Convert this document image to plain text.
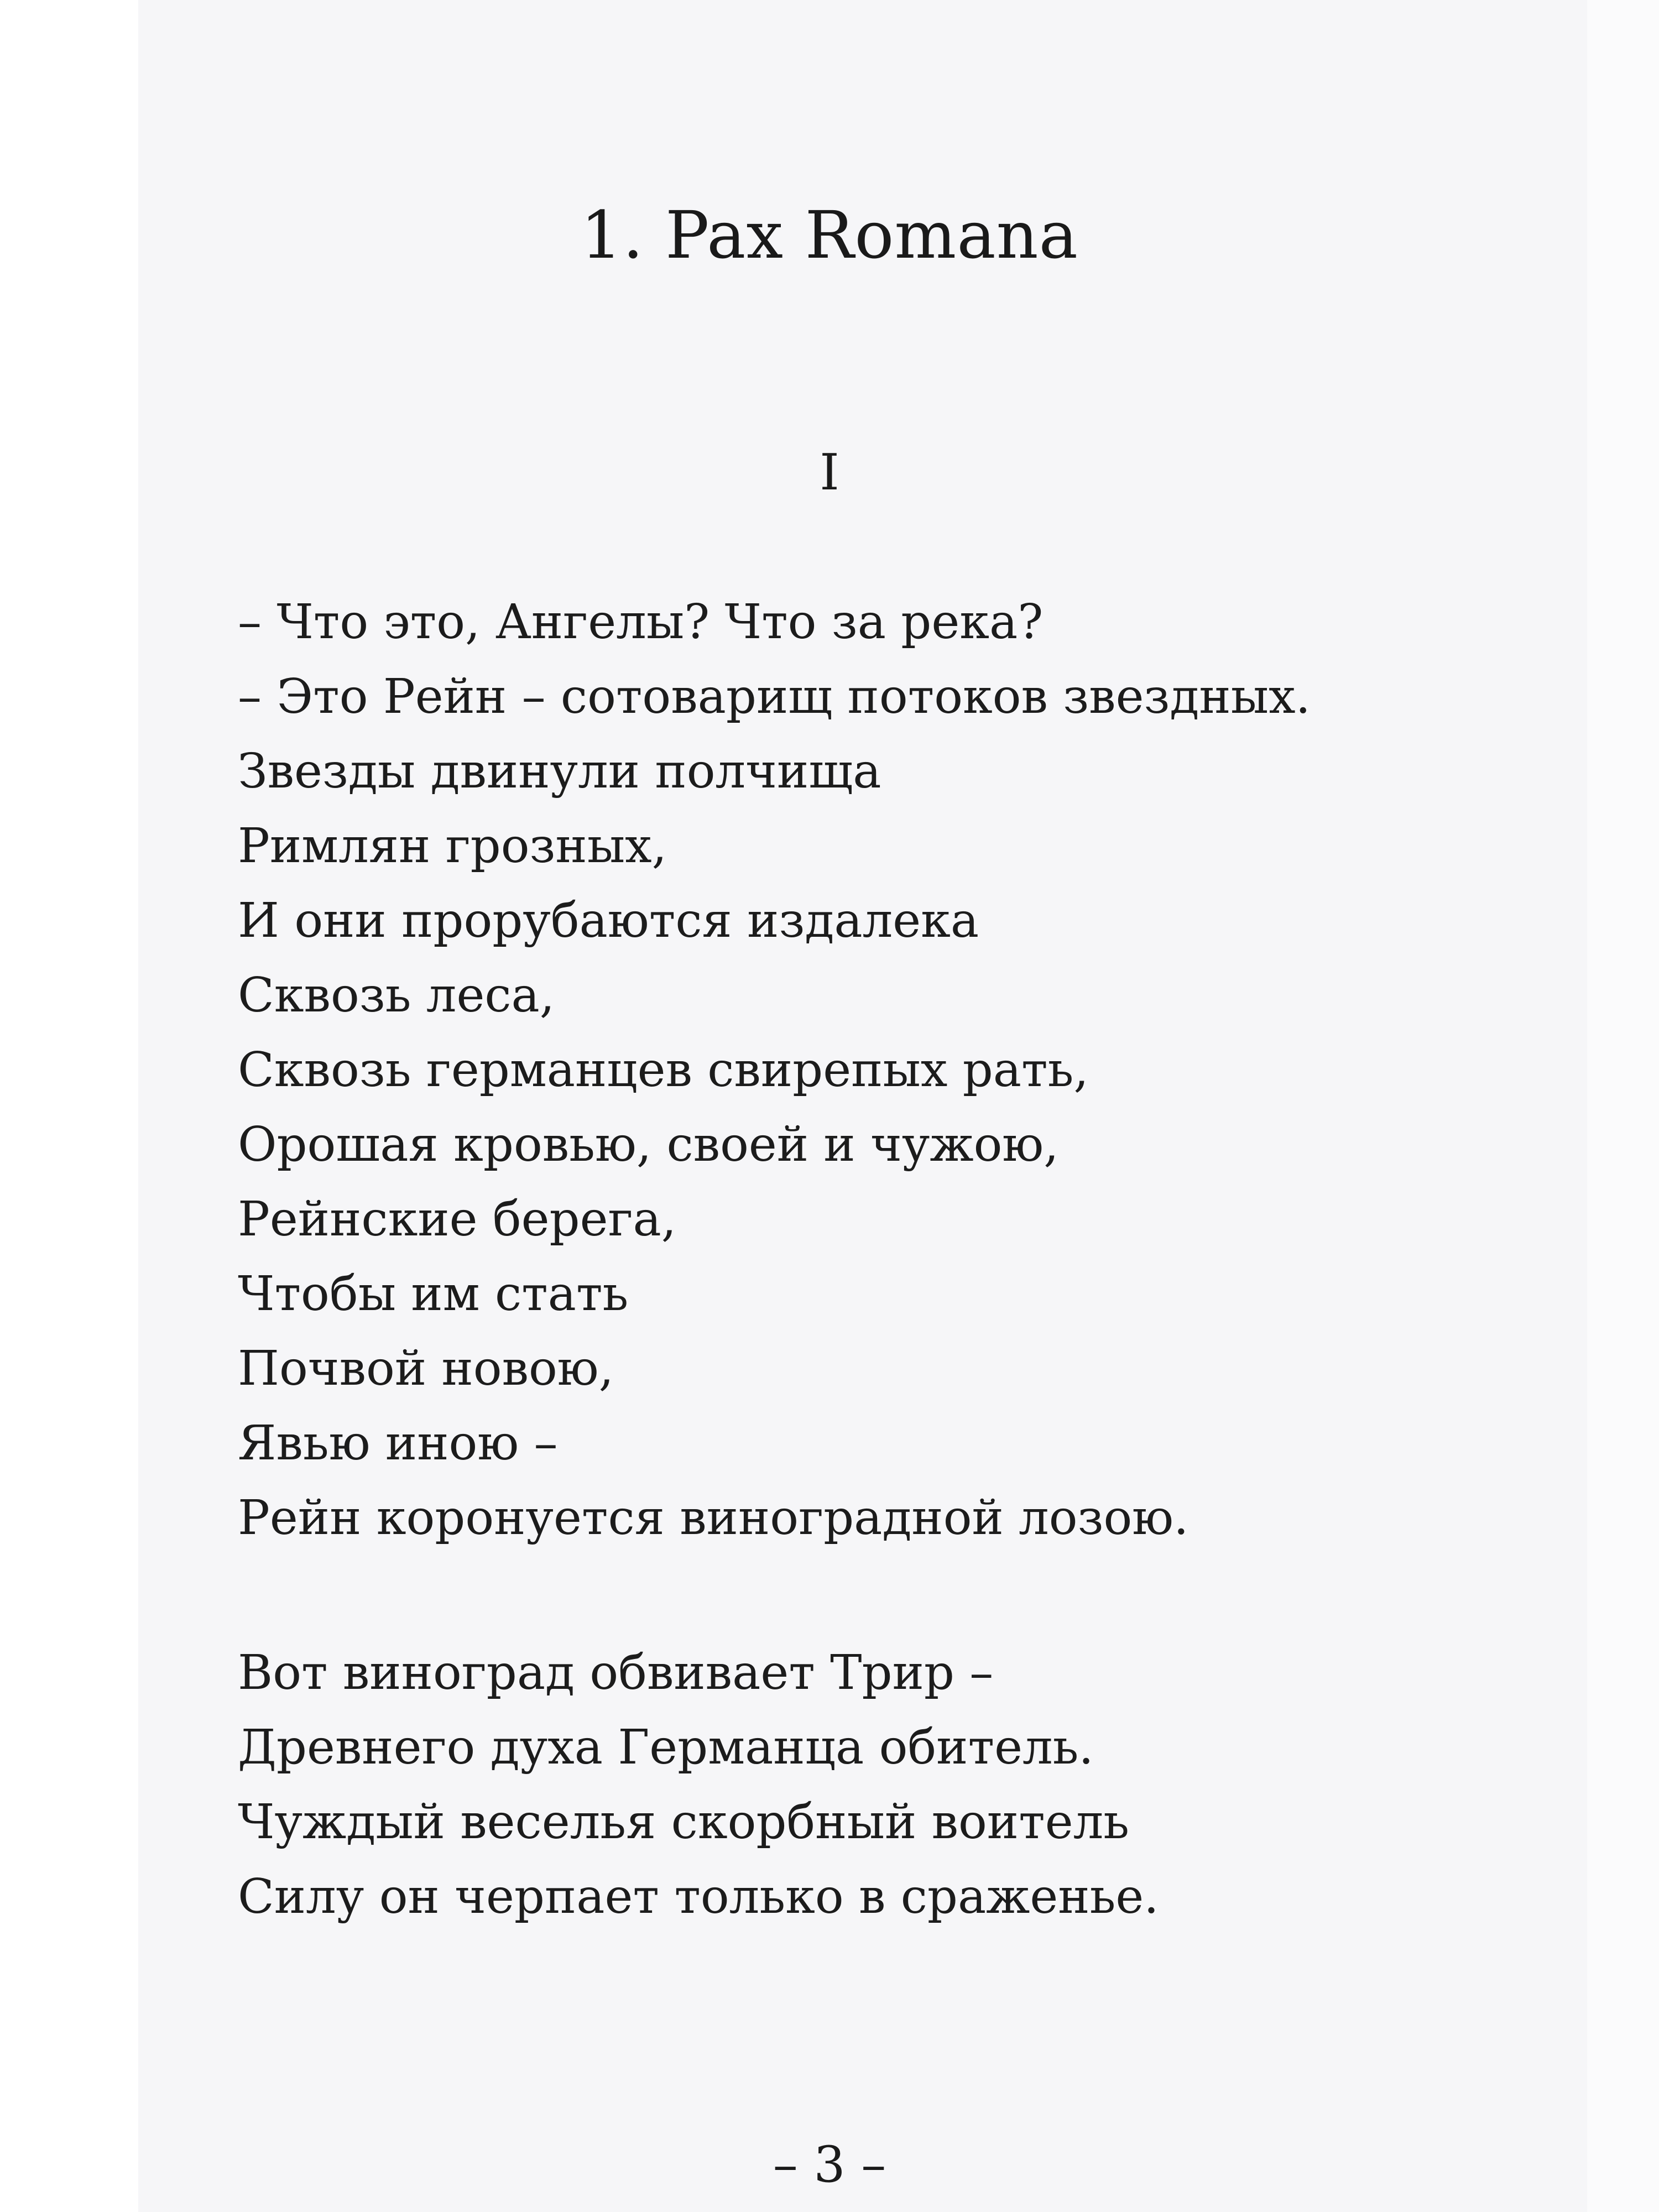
1. Pax Romana
I
– Что это, Ангелы? Что за река?
– Это Рейн – сотоварищ потоков звездных.
Звезды двинули полчища
Римлян грозных,
И они прорубаются издалека
Сквозь леса,
Сквозь германцев свирепых рать,
Орошая кровью, своей и чужою,
Рейнские берега,
Чтобы им стать
Почвой новою,
Явью иною –
Рейн коронуется виноградной лозою.
Вот виноград обвивает Трир –
Древнего духа Германца обитель.
Чуждый веселья скорбный воитель
Силу он черпает только в сраженье.
– 3 –
